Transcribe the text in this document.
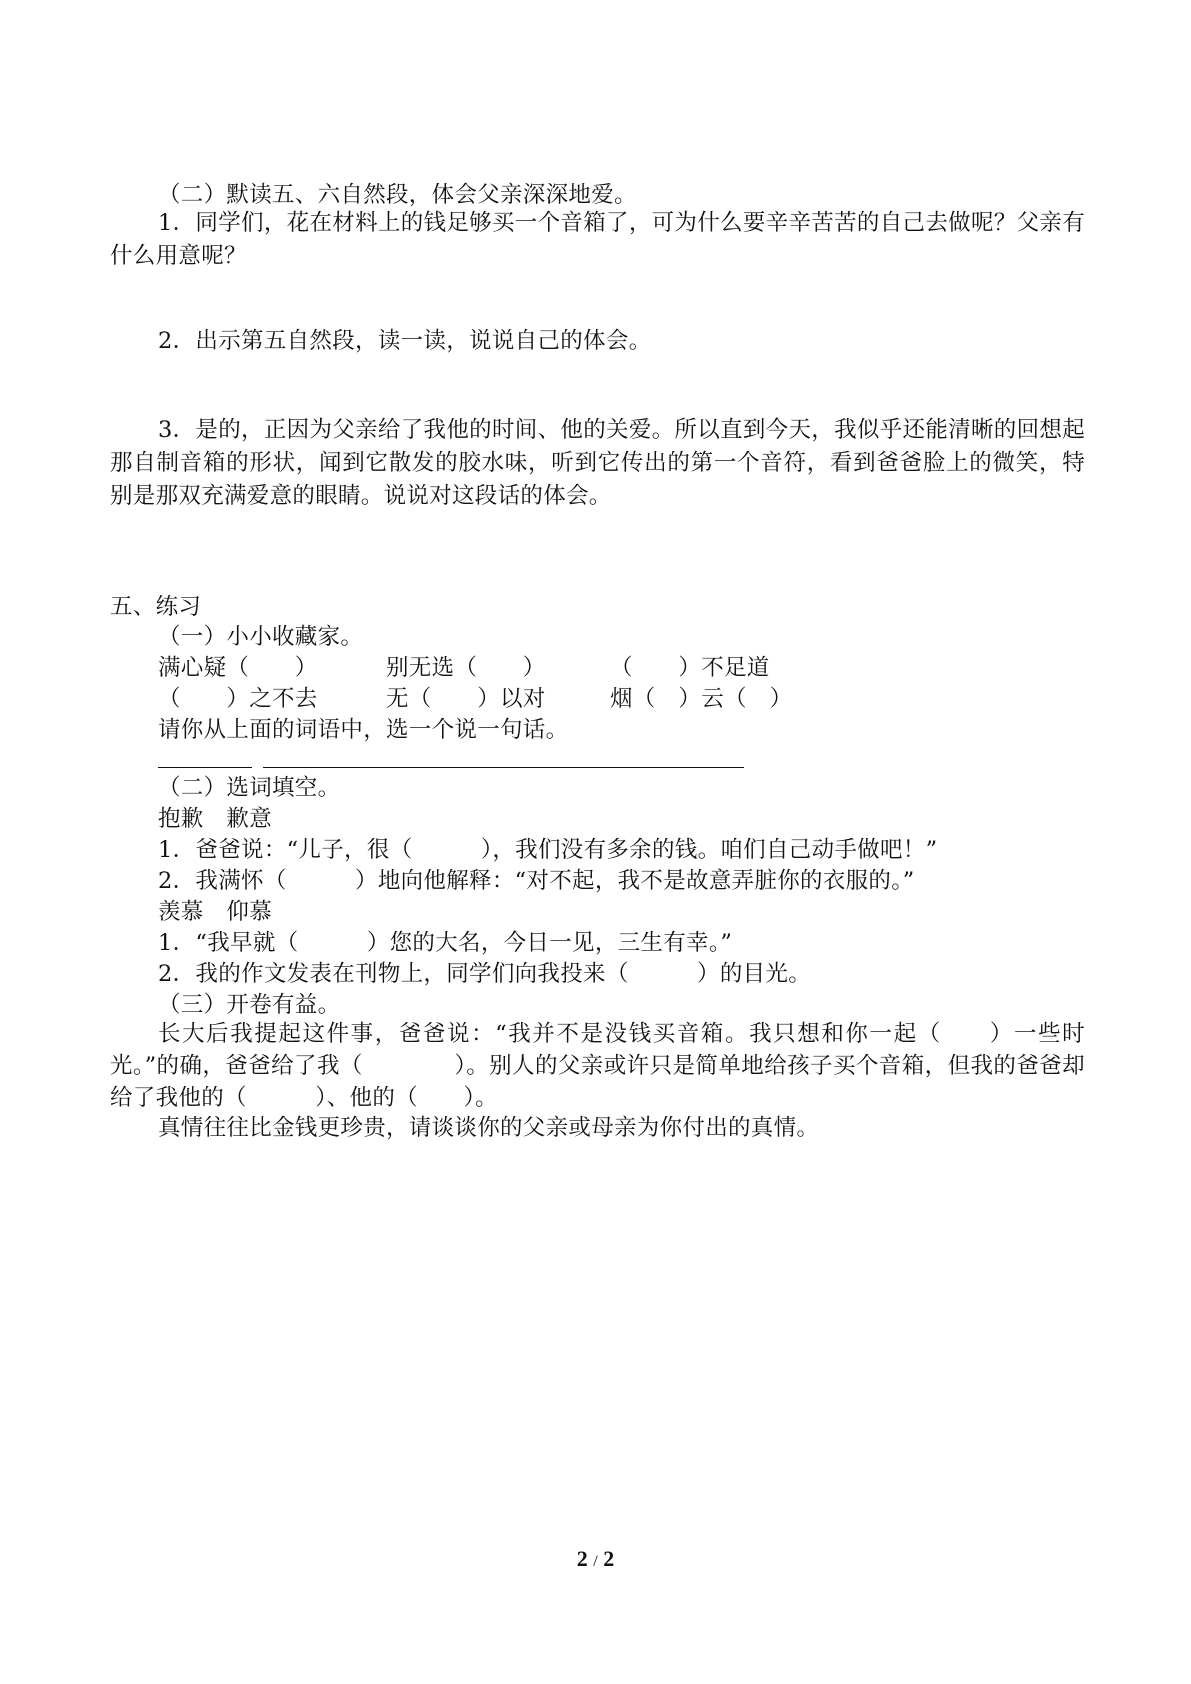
（二）默读五、六自然段，体会父亲深深地爱。
1．同学们，花在材料上的钱足够买一个音箱了，可为什么要辛辛苦苦的自己去做呢？父亲有什么用意呢？
2．出示第五自然段，读一读，说说自己的体会。
3．是的，正因为父亲给了我他的时间、他的关爱。所以直到今天，我似乎还能清晰的回想起那自制音箱的形状，闻到它散发的胶水味，听到它传出的第一个音符，看到爸爸脸上的微笑，特别是那双充满爱意的眼睛。说说对这段话的体会。
五、练习
（一）小小收藏家。
满心疑（　　）	别无选（　　）	（　　）不足道
（　　）之不去	无（　　）以对	烟（　）云（　）
请你从上面的词语中，选一个说一句话。
（二）选词填空。
抱歉　歉意
1．爸爸说：“儿子，很（　　　），我们没有多余的钱。咱们自己动手做吧！”
2．我满怀（　　　）地向他解释：“对不起，我不是故意弄脏你的衣服的。”
羡慕　仰慕
1．“我早就（　　　）您的大名，今日一见，三生有幸。”
2．我的作文发表在刊物上，同学们向我投来（　　　）的目光。
（三）开卷有益。
长大后我提起这件事，爸爸说：“我并不是没钱买音箱。我只想和你一起（　　）一些时光。”的确，爸爸给了我（　　　　）。别人的父亲或许只是简单地给孩子买个音箱，但我的爸爸却给了我他的（　　　）、他的（　　）。
真情往往比金钱更珍贵，请谈谈你的父亲或母亲为你付出的真情。
2 / 2
